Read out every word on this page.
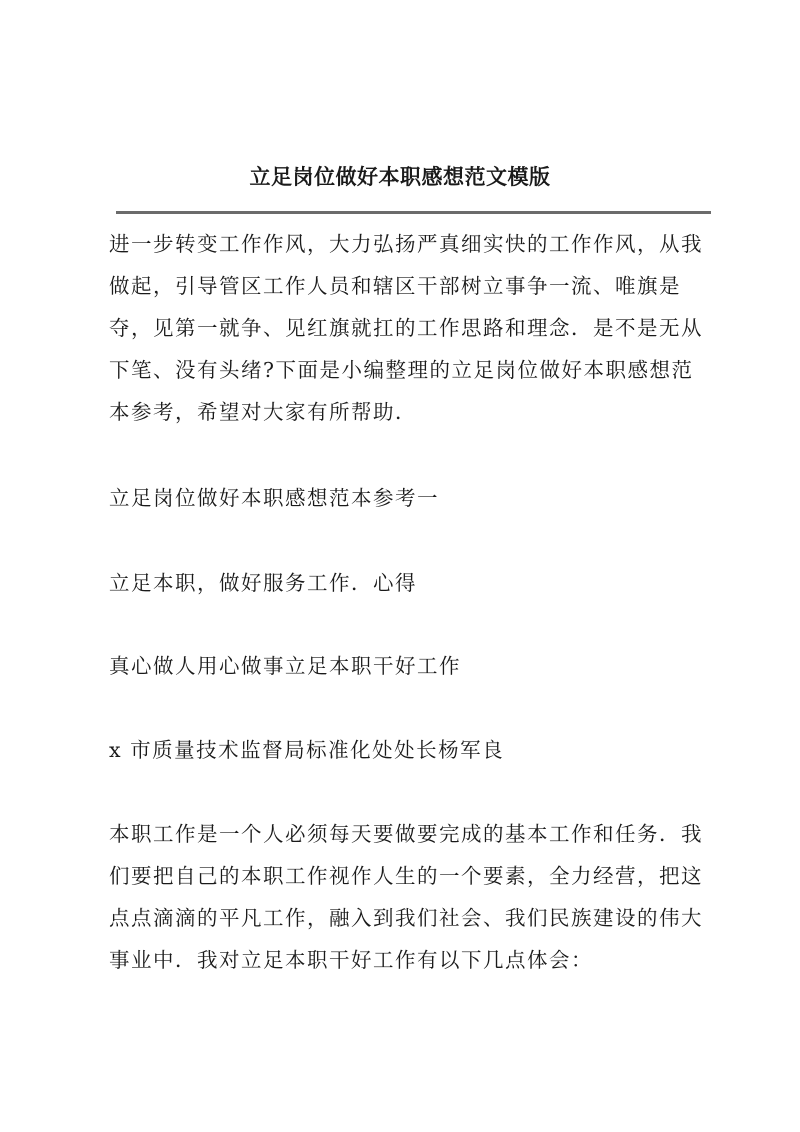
立足岗位做好本职感想范文模版

进一步转变工作作风，大力弘扬严真细实快的工作作风，从我做起，引导管区工作人员和辖区干部树立事争一流、唯旗是夺，见第一就争、见红旗就扛的工作思路和理念．是不是无从下笔、没有头绪?下面是小编整理的立足岗位做好本职感想范本参考，希望对大家有所帮助．

立足岗位做好本职感想范本参考一

立足本职，做好服务工作．心得

真心做人用心做事立足本职干好工作

x 市质量技术监督局标准化处处长杨军良

本职工作是一个人必须每天要做要完成的基本工作和任务．我们要把自己的本职工作视作人生的一个要素，全力经营，把这点点滴滴的平凡工作，融入到我们社会、我们民族建设的伟大事业中．我对立足本职干好工作有以下几点体会：
